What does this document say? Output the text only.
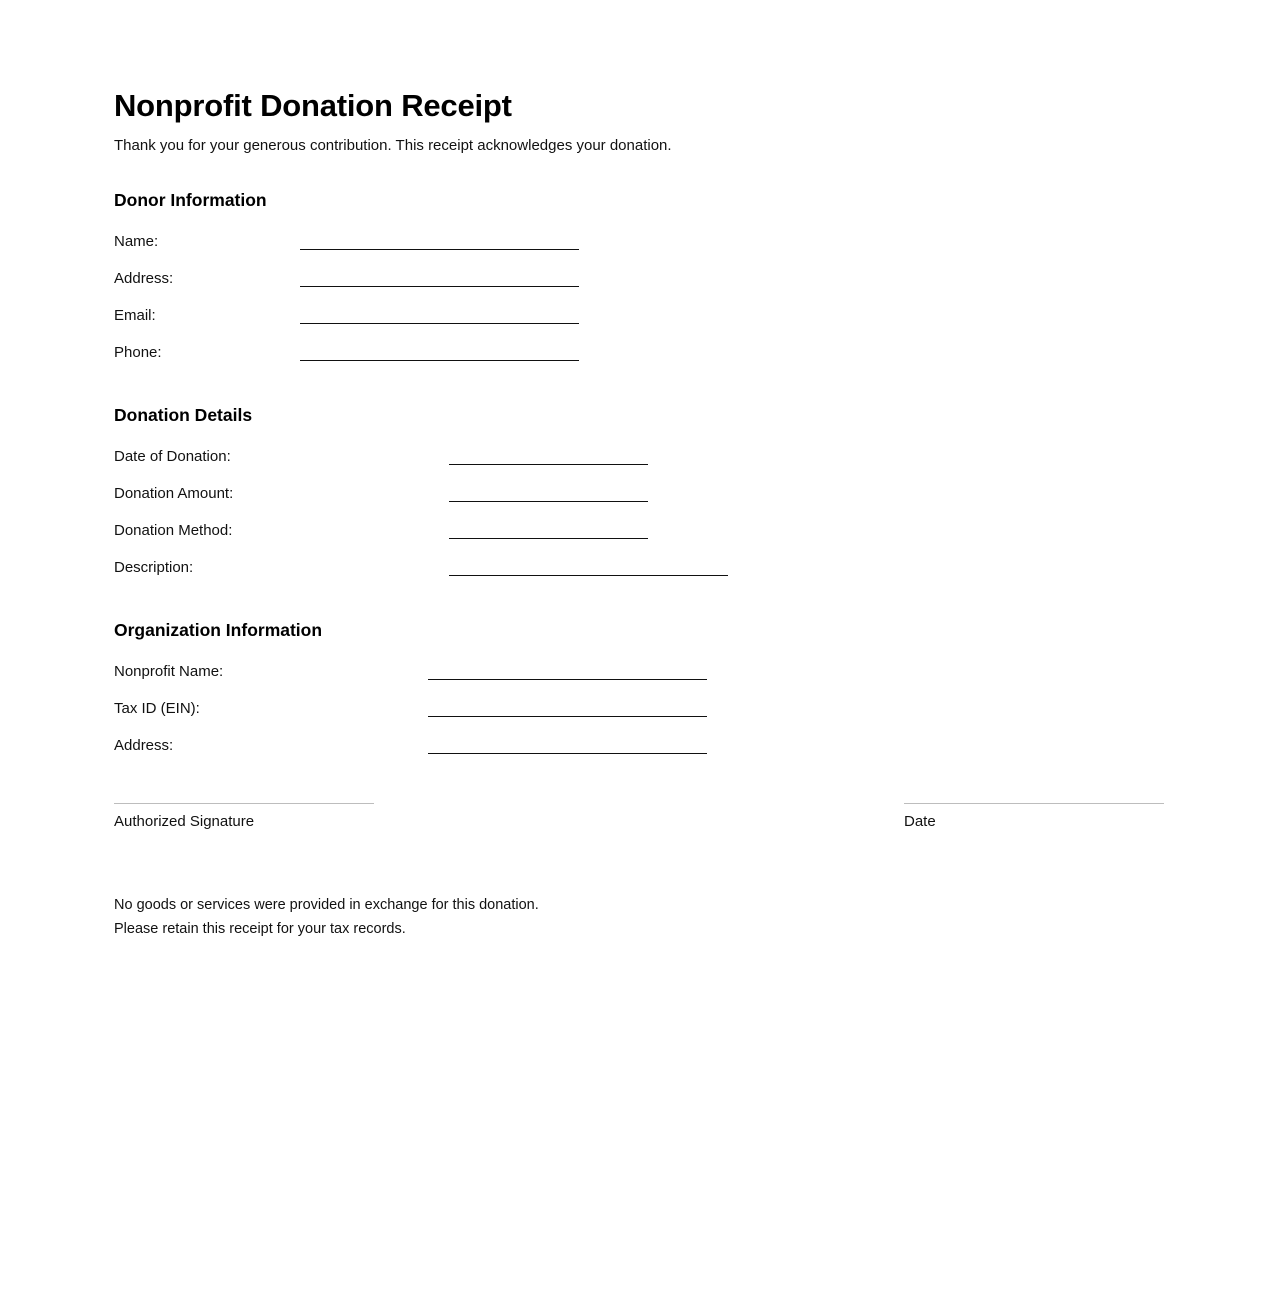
Nonprofit Donation Receipt

Thank you for your generous contribution. This receipt acknowledges your donation.

Donor Information
Name:
Address:
Email:
Phone:
Donation Details
Date of Donation:
Donation Amount:
Donation Method:
Description:
Organization Information
Nonprofit Name:
Tax ID (EIN):
Address:
Authorized Signature	Date

No goods or services were provided in exchange for this donation.

Please retain this receipt for your tax records.
